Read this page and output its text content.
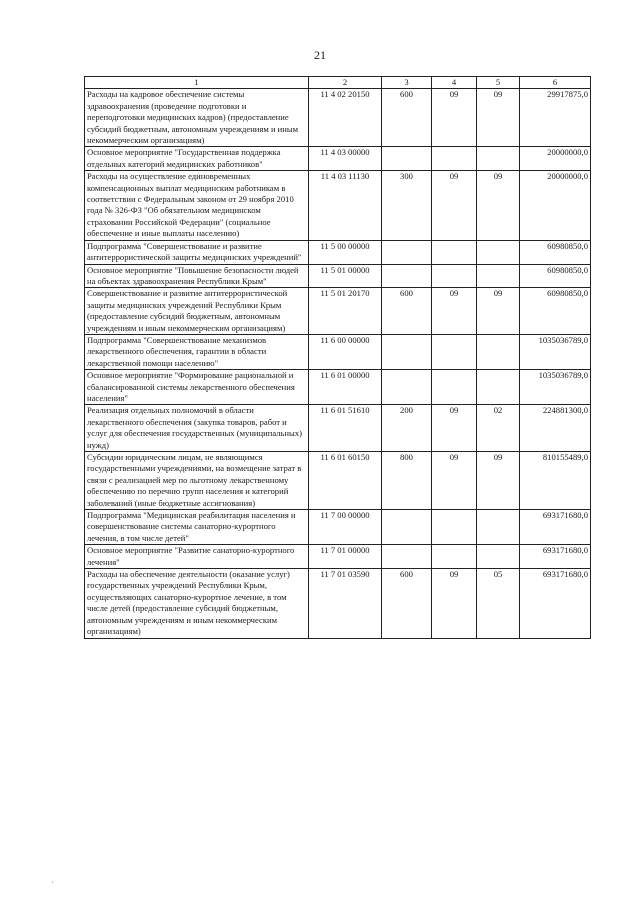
21
1	2	3	4	5	6
Расходы на кадровое обеспечение системы здравоохранения (проведение подготовки и переподготовки медицинских кадров) (предоставление субсидий бюджетным, автономным учреждениям и иным некоммерческим организациям)	11 4 02 20150	600	09	09	29917875,0
Основное мероприятие "Государственная поддержка отдельных категорий медицинских работников"	11 4 03 00000				20000000,0
Расходы на осуществление единовременных компенсационных выплат медицинским работникам в соответствии с Федеральным законом от 29 ноября 2010 года № 326-ФЗ "Об обязательном медицинском страховании Российской Федерации" (социальное обеспечение и иные выплаты населению)	11 4 03 11130	300	09	09	20000000,0
Подпрограмма "Совершенствование и развитие антитеррористической защиты медицинских учреждений"	11 5 00 00000				60980850,0
Основное мероприятие "Повышение безопасности людей на объектах здравоохранения Республики Крым"	11 5 01 00000				60980850,0
Совершенствование и развитие антитеррористической защиты медицинских учреждений Республики Крым (предоставление субсидий бюджетным, автономным учреждениям и иным некоммерческим организациям)	11 5 01 20170	600	09	09	60980850,0
Подпрограмма "Совершенствование механизмов лекарственного обеспечения, гарантии в области лекарственной помощи населению"	11 6 00 00000				1035036789,0
Основное мероприятие "Формирование рациональной и сбалансированной системы лекарственного обеспечения населения"	11 6 01 00000				1035036789,0
Реализация отдельных полномочий в области лекарственного обеспечения (закупка товаров, работ и услуг для обеспечения государственных (муниципальных) нужд)	11 6 01 51610	200	09	02	224881300,0
Субсидии юридическим лицам, не являющимся государственными учреждениями, на возмещение затрат в связи с реализацией мер по льготному лекарственному обеспечению по перечню групп населения и категорий заболеваний (иные бюджетные ассигнования)	11 6 01 60150	800	09	09	810155489,0
Подпрограмма "Медицинская реабилитация населения и совершенствование системы санаторно-курортного лечения, в том числе детей"	11 7 00 00000				693171680,0
Основное мероприятие "Развитие санаторно-курортного лечения"	11 7 01 00000				693171680,0
Расходы на обеспечение деятельности (оказание услуг) государственных учреждений Республики Крым, осуществляющих санаторно-курортное лечение, в том числе детей (предоставление субсидий бюджетным, автономным учреждениям и иным некоммерческим организациям)	11 7 01 03590	600	09	05	693171680,0
'
